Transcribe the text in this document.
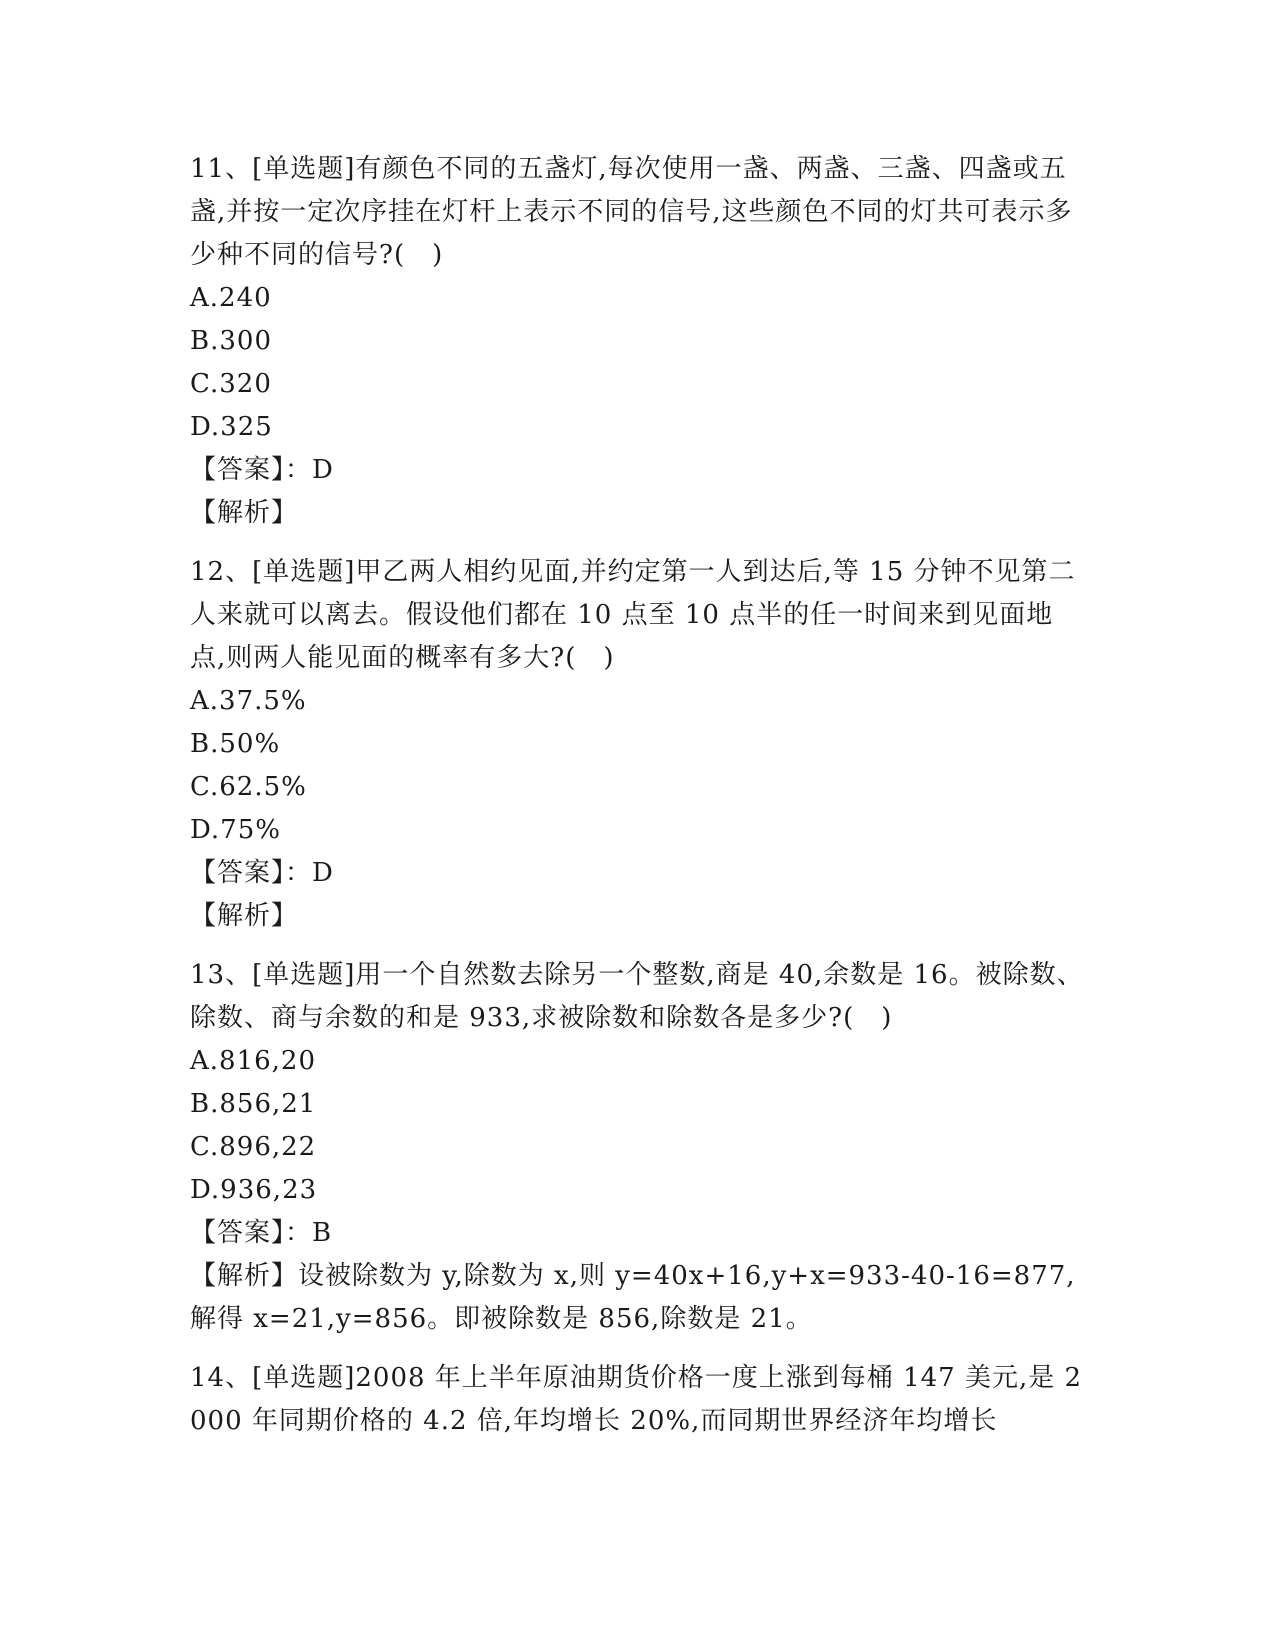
11、[单选题]有颜色不同的五盏灯,每次使用一盏、两盏、三盏、四盏或五盏,并按一定次序挂在灯杆上表示不同的信号,这些颜色不同的灯共可表示多少种不同的信号?(　)

A.240

B.300

C.320

D.325

【答案】：D

【解析】

12、[单选题]甲乙两人相约见面,并约定第一人到达后,等 15 分钟不见第二人来就可以离去。假设他们都在 10 点至 10 点半的任一时间来到见面地点,则两人能见面的概率有多大?(　)

A.37.5%

B.50%

C.62.5%

D.75%

【答案】：D

【解析】

13、[单选题]用一个自然数去除另一个整数,商是 40,余数是 16。被除数、除数、商与余数的和是 933,求被除数和除数各是多少?(　)

A.816,20

B.856,21

C.896,22

D.936,23

【答案】：B

【解析】设被除数为 y,除数为 x,则 y=40x+16,y+x=933-40-16=877,解得 x=21,y=856。即被除数是 856,除数是 21。

14、[单选题]2008 年上半年原油期货价格一度上涨到每桶 147 美元,是 2000 年同期价格的 4.2 倍,年均增长 20%,而同期世界经济年均增长
